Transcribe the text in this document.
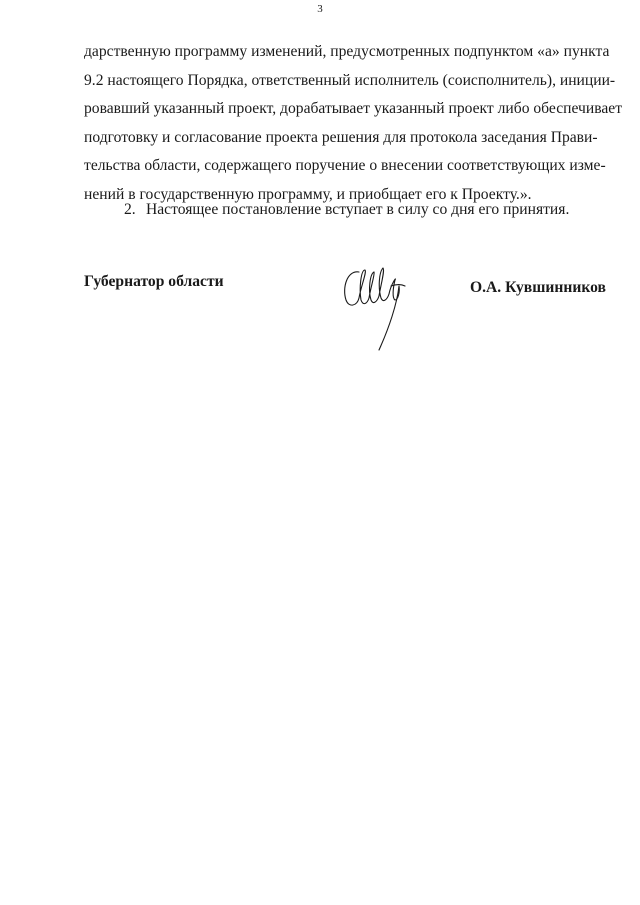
3
дарственную программу изменений, предусмотренных подпунктом «а» пункта
9.2 настоящего Порядка, ответственный исполнитель (соисполнитель), иниции-
ровавший указанный проект, дорабатывает указанный проект либо обеспечивает
подготовку и согласование проекта решения для протокола заседания Прави-
тельства области, содержащего поручение о внесении соответствующих изме-
нений в государственную программу, и приобщает его к Проекту.».
2. Настоящее постановление вступает в силу со дня его принятия.
Губернатор области	О.А. Кувшинников
